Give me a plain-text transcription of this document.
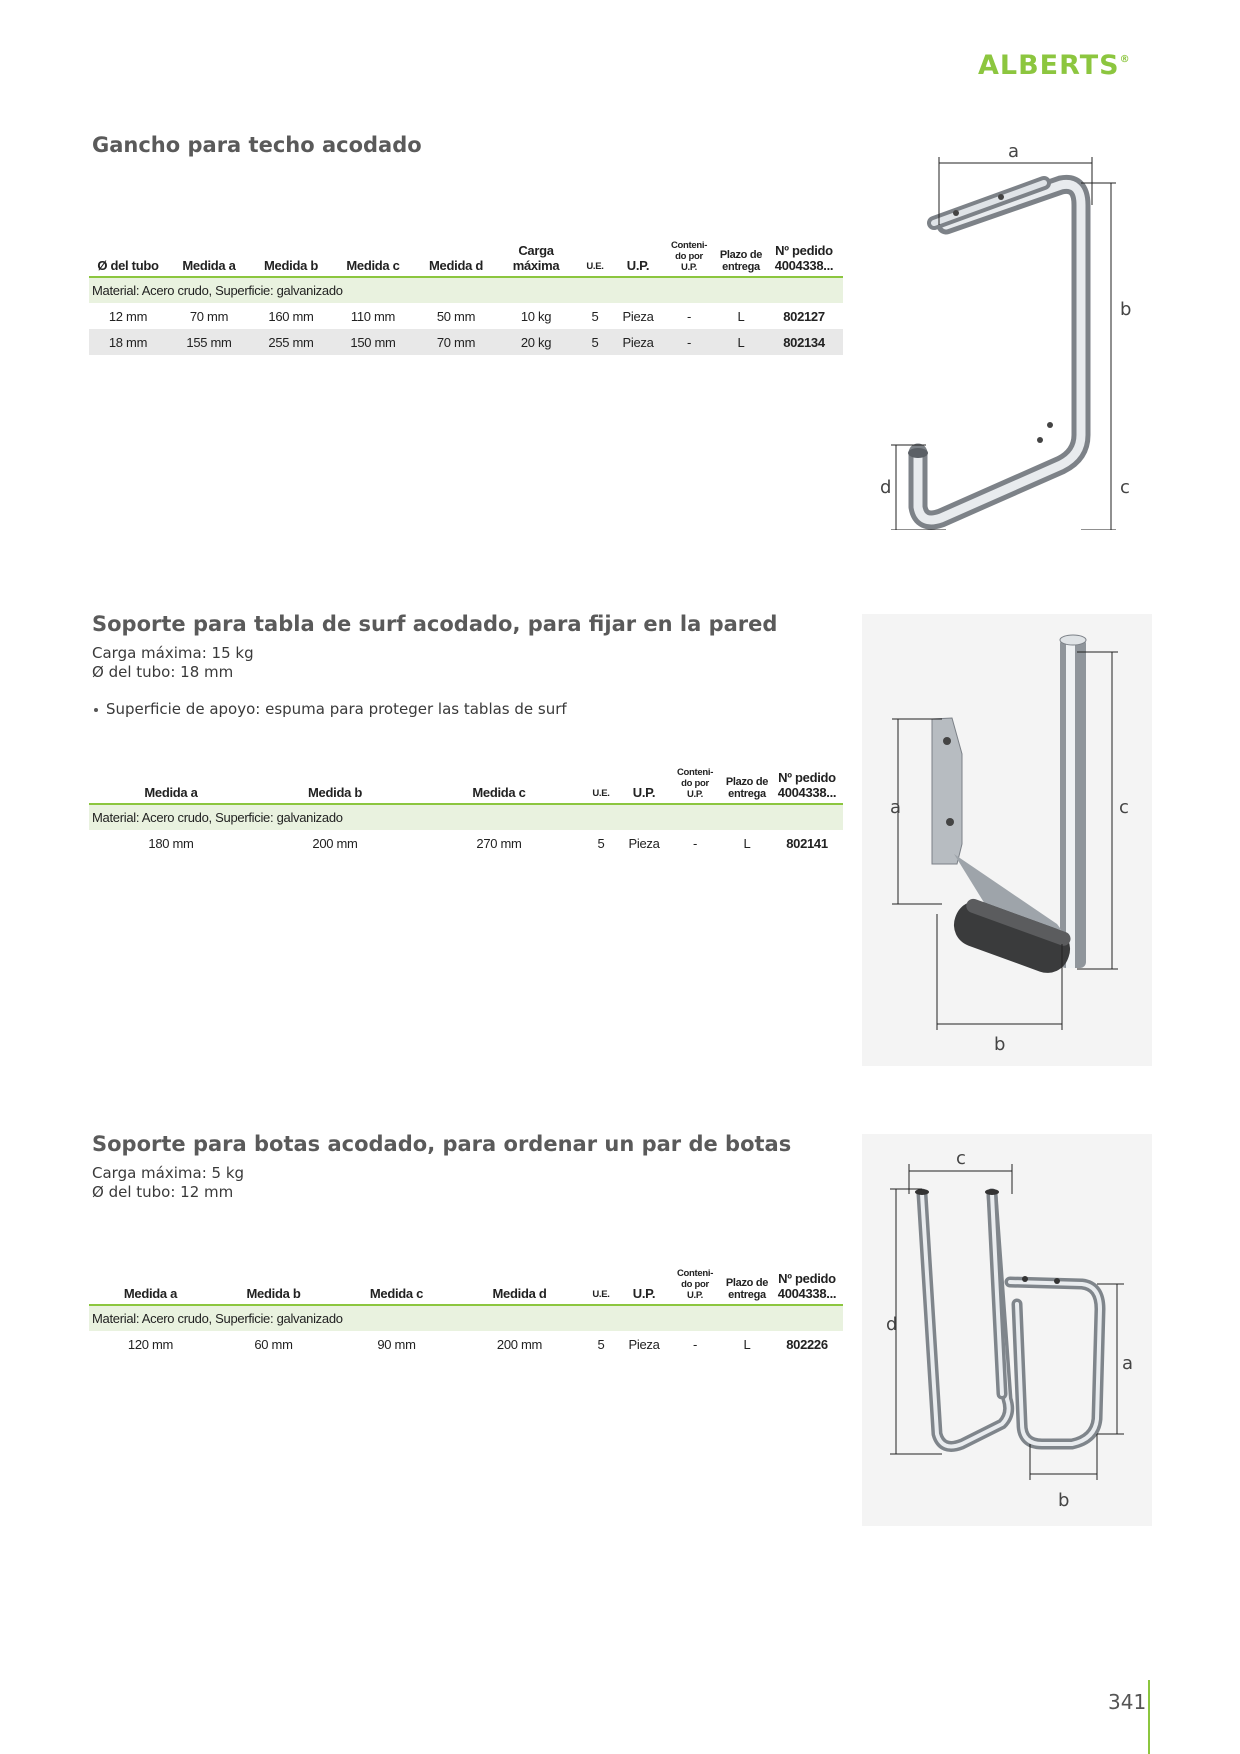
ALBERTS®
Gancho para techo acodado
Ø del tubo	Medida a	Medida b	Medida c	Medida d	Carga
máxima	U.E.	U.P.	Conteni-
do por
U.P.	Plazo de
entrega	Nº pedido
4004338...
Material: Acero crudo, Superficie: galvanizado										
12 mm	70 mm	160 mm	110 mm	50 mm	10 kg	5	Pieza	-	L	802127
18 mm	155 mm	255 mm	150 mm	70 mm	20 kg	5	Pieza	-	L	802134
a
b
c
d
Soporte para tabla de surf acodado, para fijar en la pared
Carga máxima: 15 kg
Ø del tubo: 18 mm
Superficie de apoyo: espuma para proteger las tablas de surf
Medida a	Medida b	Medida c	U.E.	U.P.	Conteni-
do por
U.P.	Plazo de
entrega	Nº pedido
4004338...
Material: Acero crudo, Superficie: galvanizado							
180 mm	200 mm	270 mm	5	Pieza	-	L	802141
a
b
c
Soporte para botas acodado, para ordenar un par de botas
Carga máxima: 5 kg
Ø del tubo: 12 mm
Medida a	Medida b	Medida c	Medida d	U.E.	U.P.	Conteni-
do por
U.P.	Plazo de
entrega	Nº pedido
4004338...
Material: Acero crudo, Superficie: galvanizado								
120 mm	60 mm	90 mm	200 mm	5	Pieza	-	L	802226
c
d
a
b
341
